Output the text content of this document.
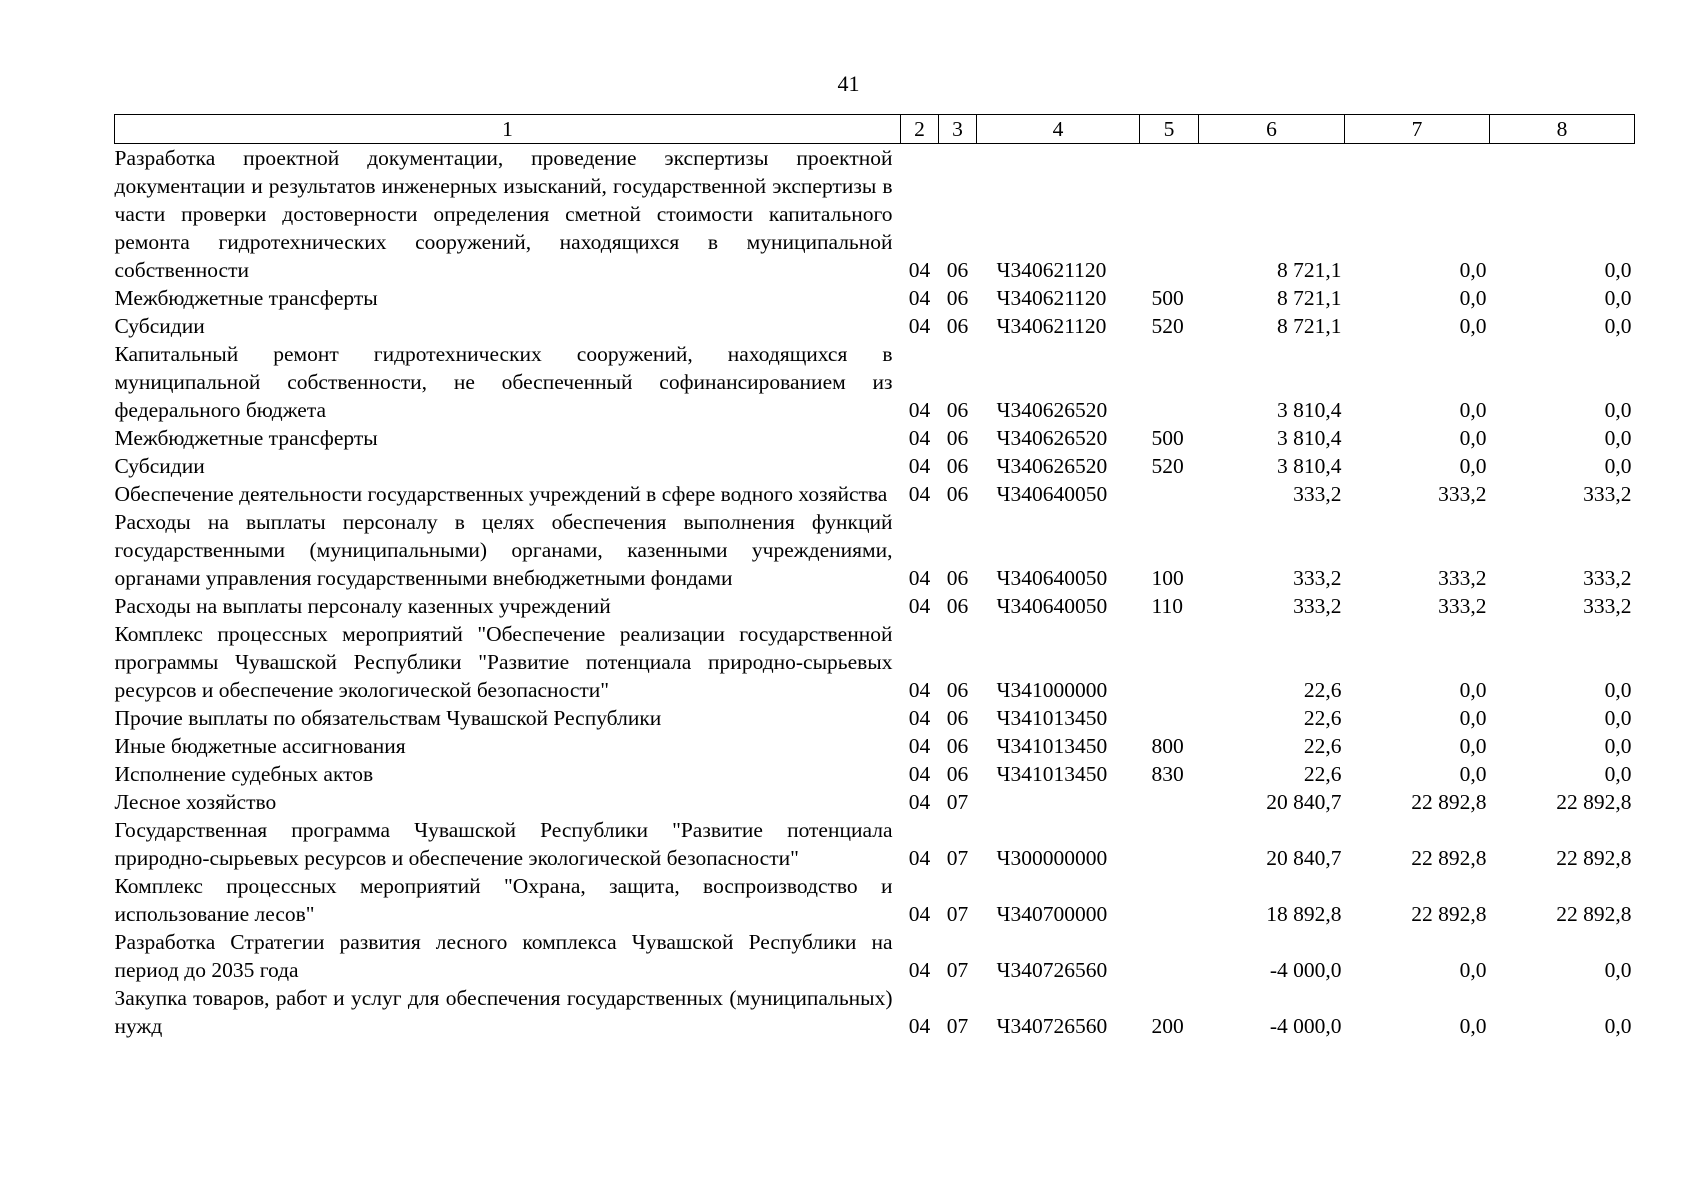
41
1	2	3	4	5	6	7	8
Разработка проектной документации, проведение экспертизы проектной документации и результатов инженерных изысканий, государственной экспертизы в части проверки достоверности определения сметной стоимости капитального ремонта гидротехнических сооружений, находящихся в муниципальной собственности	04	06	Ч340621120		8 721,1	0,0	0,0
Межбюджетные трансферты	04	06	Ч340621120	500	8 721,1	0,0	0,0
Субсидии	04	06	Ч340621120	520	8 721,1	0,0	0,0
Капитальный ремонт гидротехнических сооружений, находящихся в муниципальной собственности, не обеспеченный софинансированием из федерального бюджета	04	06	Ч340626520		3 810,4	0,0	0,0
Межбюджетные трансферты	04	06	Ч340626520	500	3 810,4	0,0	0,0
Субсидии	04	06	Ч340626520	520	3 810,4	0,0	0,0
Обеспечение деятельности государственных учреждений в сфере водного хозяйства	04	06	Ч340640050		333,2	333,2	333,2
Расходы на выплаты персоналу в целях обеспечения выполнения функций государственными (муниципальными) органами, казенными учреждениями, органами управления государственными внебюджетными фондами	04	06	Ч340640050	100	333,2	333,2	333,2
Расходы на выплаты персоналу казенных учреждений	04	06	Ч340640050	110	333,2	333,2	333,2
Комплекс процессных мероприятий "Обеспечение реализации государственной программы Чувашской Республики "Развитие потенциала природно-сырьевых ресурсов и обеспечение экологической безопасности"	04	06	Ч341000000		22,6	0,0	0,0
Прочие выплаты по обязательствам Чувашской Республики	04	06	Ч341013450		22,6	0,0	0,0
Иные бюджетные ассигнования	04	06	Ч341013450	800	22,6	0,0	0,0
Исполнение судебных актов	04	06	Ч341013450	830	22,6	0,0	0,0
Лесное хозяйство	04	07			20 840,7	22 892,8	22 892,8
Государственная программа Чувашской Республики "Развитие потенциала природно-сырьевых ресурсов и обеспечение экологической безопасности"	04	07	Ч300000000		20 840,7	22 892,8	22 892,8
Комплекс процессных мероприятий "Охрана, защита, воспроизводство и использование лесов"	04	07	Ч340700000		18 892,8	22 892,8	22 892,8
Разработка Стратегии развития лесного комплекса Чувашской Республики на период до 2035 года	04	07	Ч340726560		-4 000,0	0,0	0,0
Закупка товаров, работ и услуг для обеспечения государственных (муниципальных) нужд	04	07	Ч340726560	200	-4 000,0	0,0	0,0
